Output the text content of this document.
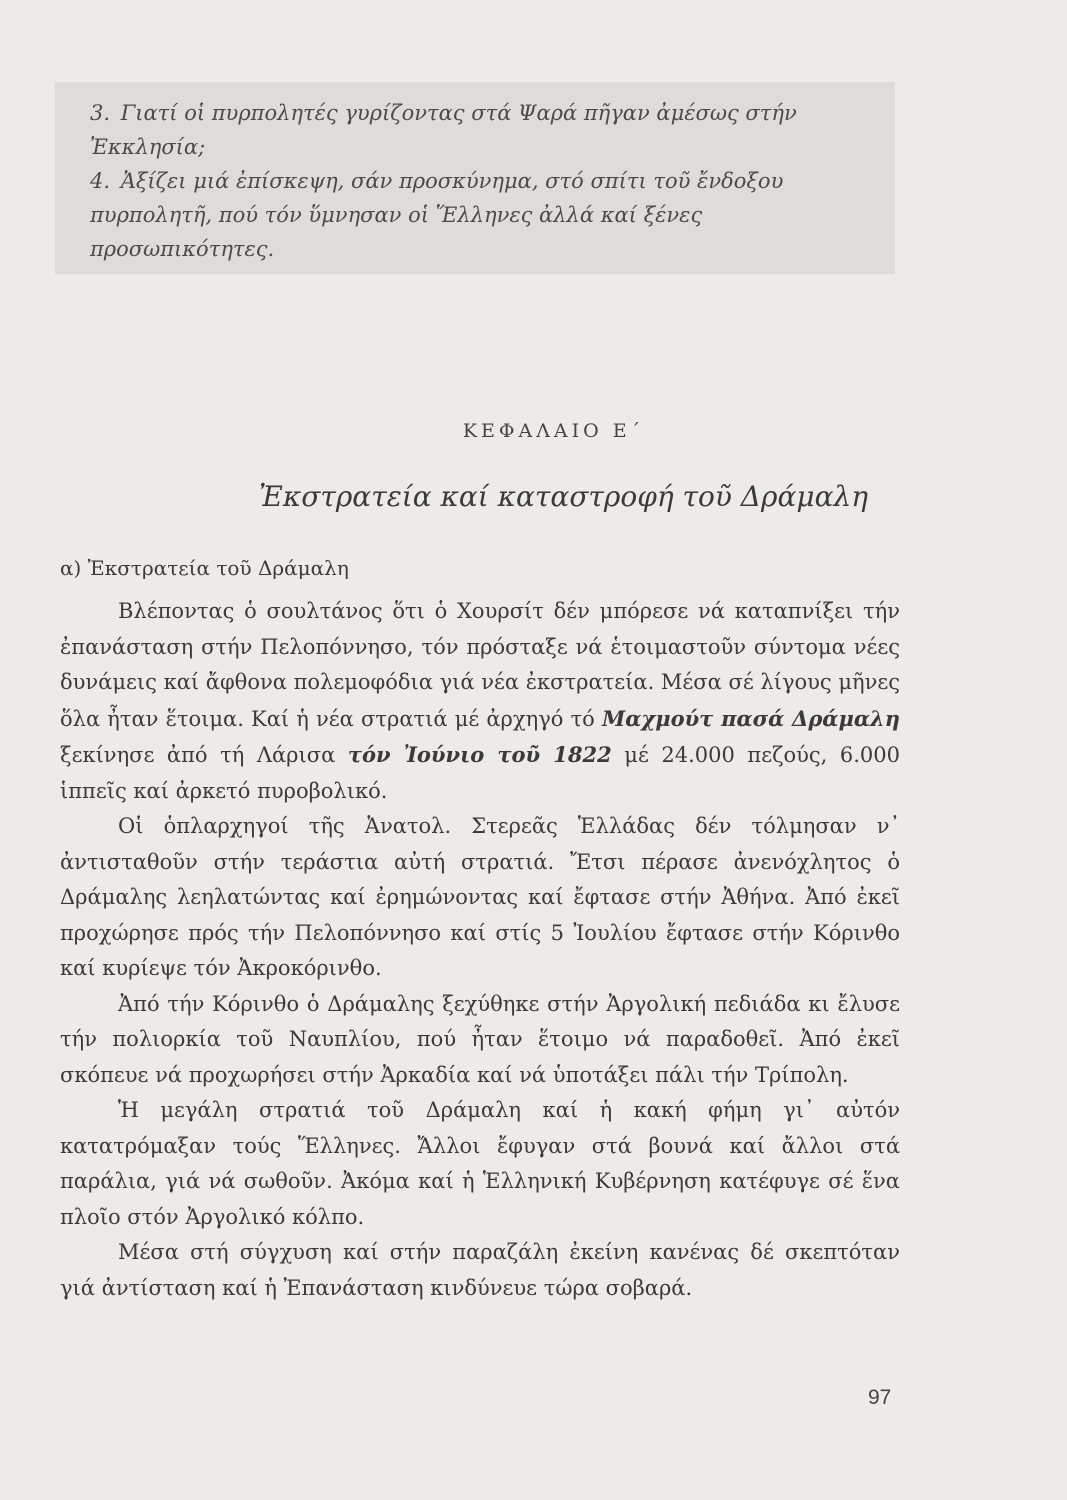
3. Γιατί οἱ πυρπολητές γυρίζοντας στά Ψαρά πῆγαν ἀμέσως στήν Ἐκκλησία;
4. Ἀξίζει μιά ἐπίσκεψη, σάν προσκύνημα, στό σπίτι τοῦ ἔνδοξου πυρπολητῆ, πού τόν ὕμνησαν οἱ Ἕλληνες ἀλλά καί ξένες προσωπικότητες.
ΚΕΦΑΛΑΙΟ Ε΄
Ἐκστρατεία καί καταστροφή τοῦ Δράμαλη
α) Ἐκστρατεία τοῦ Δράμαλη

Βλέποντας ὁ σουλτάνος ὅτι ὁ Χουρσίτ δέν μπόρεσε νά καταπνίξει τήν ἐπανάσταση στήν Πελοπόννησο, τόν πρόσταξε νά ἑτοιμαστοῦν σύντομα νέες δυνάμεις καί ἄφθονα πολεμοφόδια γιά νέα ἐκστρατεία. Μέσα σέ λίγους μῆνες ὅλα ἦταν ἕτοιμα. Καί ἡ νέα στρατιά μέ ἀρχηγό τό Μαχμούτ πασά Δράμαλη ξεκίνησε ἀπό τή Λάρισα τόν Ἰούνιο τοῦ 1822 μέ 24.000 πεζούς, 6.000 ἱππεῖς καί ἀρκετό πυροβολικό.

Οἱ ὁπλαρχηγοί τῆς Ἀνατολ. Στερεᾶς Ἑλλάδας δέν τόλμησαν ν᾽ ἀντισταθοῦν στήν τεράστια αὐτή στρατιά. Ἔτσι πέρασε ἀνενόχλητος ὁ Δράμαλης λεηλατώντας καί ἐρημώνοντας καί ἔφτασε στήν Ἀθήνα. Ἀπό ἐκεῖ προχώρησε πρός τήν Πελοπόννησο καί στίς 5 Ἰουλίου ἔφτασε στήν Κόρινθο καί κυρίεψε τόν Ἀκροκόρινθο.

Ἀπό τήν Κόρινθο ὁ Δράμαλης ξεχύθηκε στήν Ἀργολική πεδιάδα κι ἔλυσε τήν πολιορκία τοῦ Ναυπλίου, πού ἦταν ἕτοιμο νά παραδοθεῖ. Ἀπό ἐκεῖ σκόπευε νά προχωρήσει στήν Ἀρκαδία καί νά ὑποτάξει πάλι τήν Τρίπολη.

Ἡ μεγάλη στρατιά τοῦ Δράμαλη καί ἡ κακή φήμη γι᾽ αὐτόν κατατρόμαξαν τούς Ἕλληνες. Ἄλλοι ἔφυγαν στά βουνά καί ἄλλοι στά παράλια, γιά νά σωθοῦν. Ἀκόμα καί ἡ Ἑλληνική Κυβέρνηση κατέφυγε σέ ἕνα πλοῖο στόν Ἀργολικό κόλπο.

Μέσα στή σύγχυση καί στήν παραζάλη ἐκείνη κανένας δέ σκεπτόταν γιά ἀντίσταση καί ἡ Ἐπανάσταση κινδύνευε τώρα σοβαρά.

97
